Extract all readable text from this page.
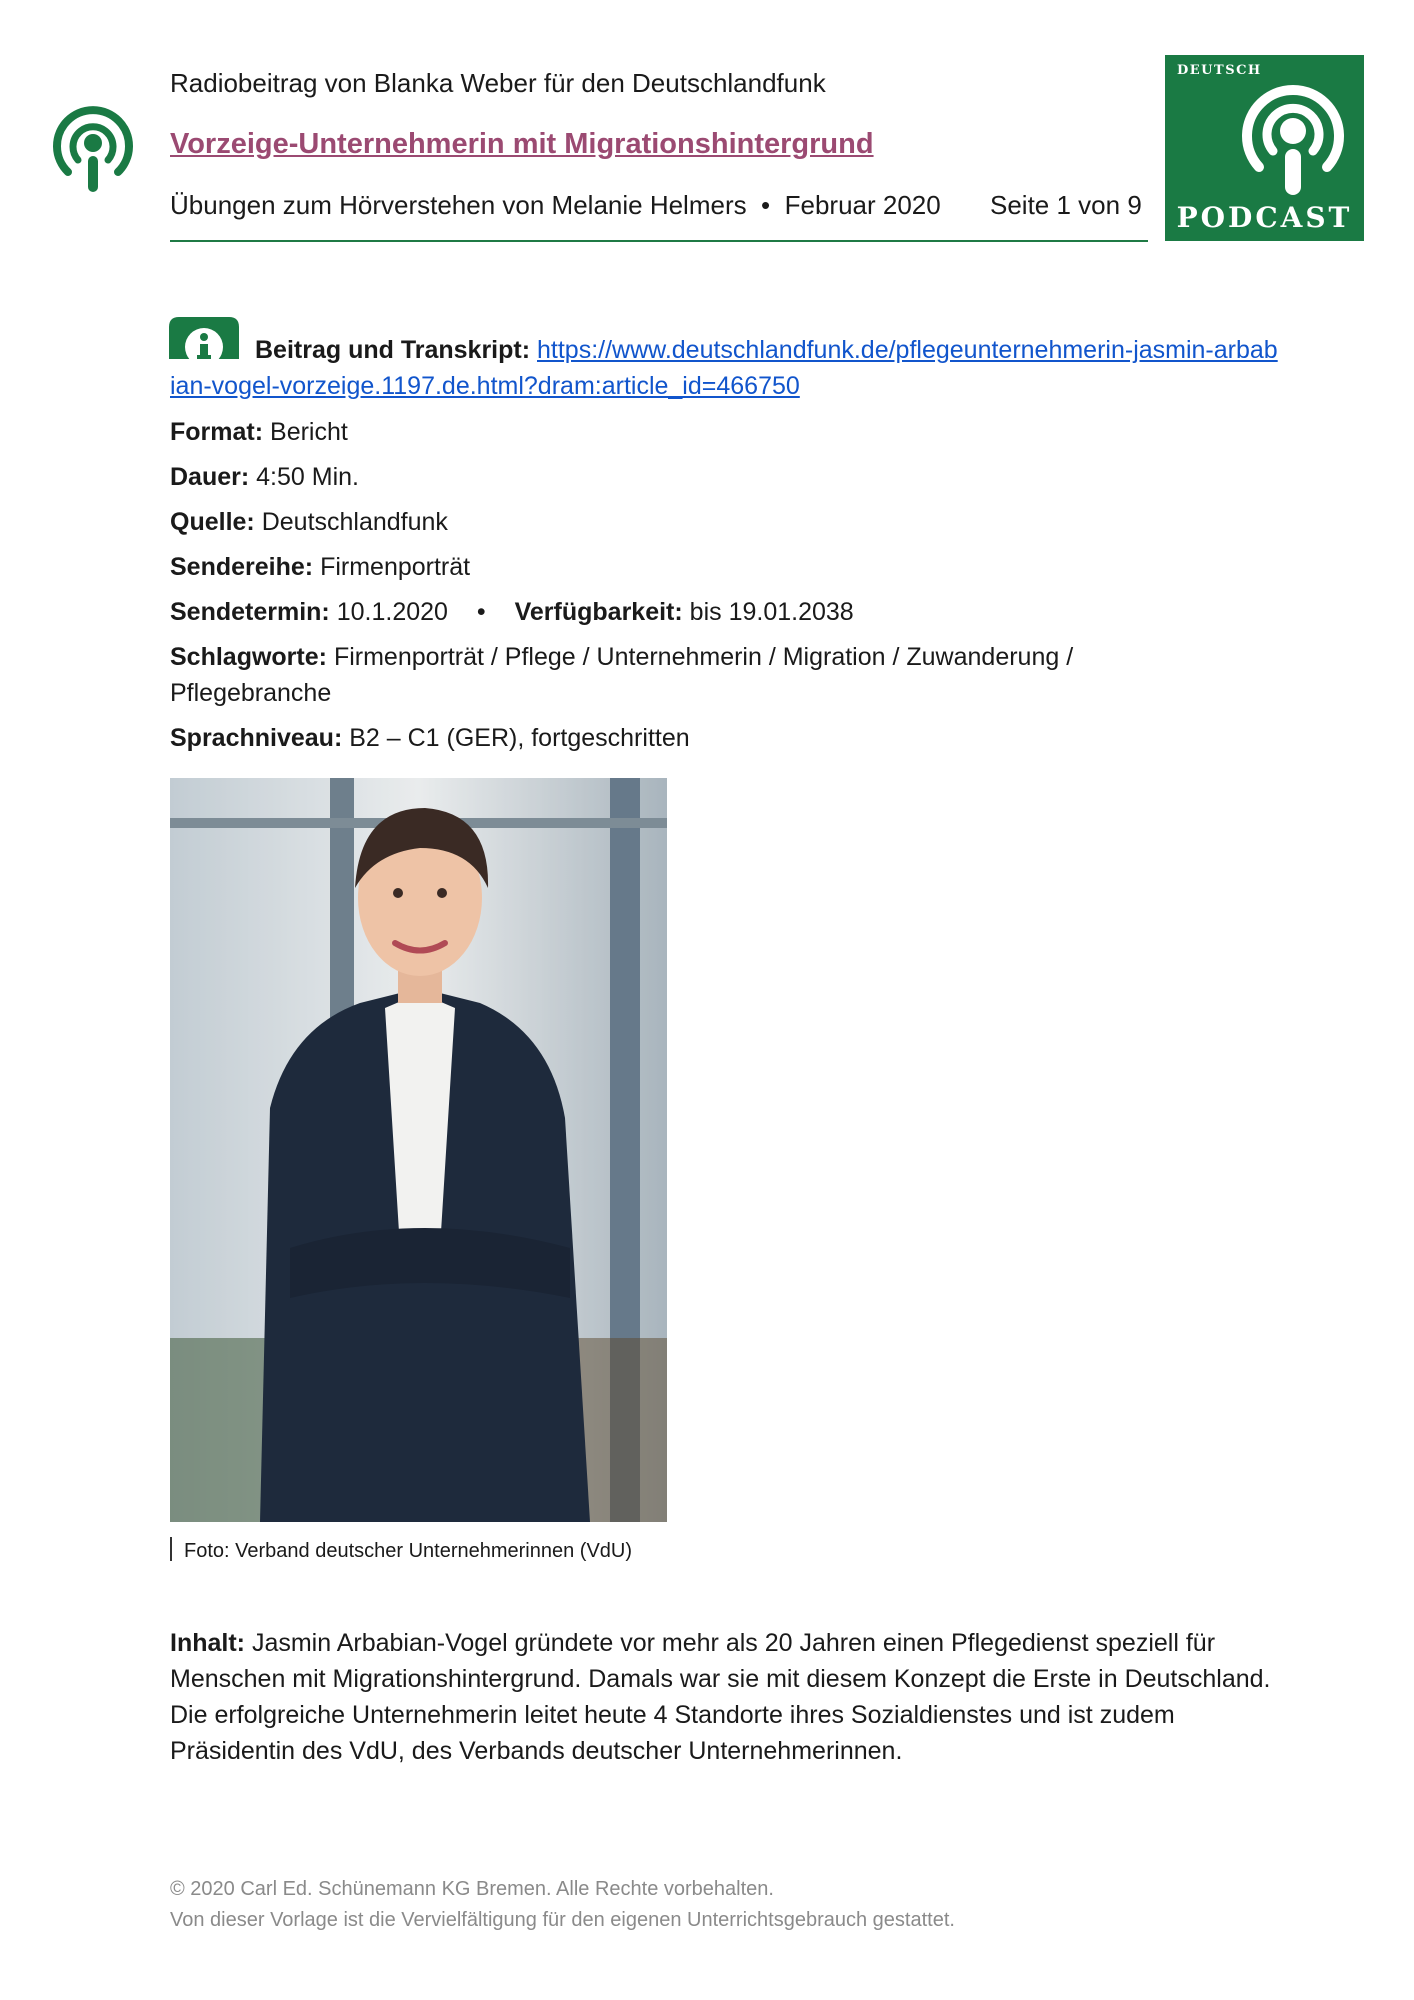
Radiobeitrag von Blanka Weber für den Deutschlandfunk
Vorzeige-Unternehmerin mit Migrationshintergrund
Übungen zum Hörverstehen von Melanie Helmers  •  Februar 2020 Seite 1 von 9
DEUTSCH
PODCAST
Beitrag und Transkript: https://www.deutschlandfunk.de/pflegeunternehmerin-jasmin-arbabian-vogel-vorzeige.1197.de.html?dram:article_id=466750
Format: Bericht
Dauer: 4:50 Min.
Quelle: Deutschlandfunk
Sendereihe: Firmenporträt
Sendetermin: 10.1.2020 • Verfügbarkeit: bis 19.01.2038
Schlagworte: Firmenporträt / Pflege / Unternehmerin / Migration / Zuwanderung / Pflegebranche
Sprachniveau: B2 – C1 (GER), fortgeschritten
Foto: Verband deutscher Unternehmerinnen (VdU)
Inhalt: Jasmin Arbabian-Vogel gründete vor mehr als 20 Jahren einen Pflegedienst speziell für Menschen mit Migrationshintergrund. Damals war sie mit diesem Konzept die Erste in Deutschland. Die erfolgreiche Unternehmerin leitet heute 4 Standorte ihres Sozialdienstes und ist zudem Präsidentin des VdU, des Verbands deutscher Unternehmerinnen.
© 2020 Carl Ed. Schünemann KG Bremen. Alle Rechte vorbehalten.
Von dieser Vorlage ist die Vervielfältigung für den eigenen Unterrichtsgebrauch gestattet.
